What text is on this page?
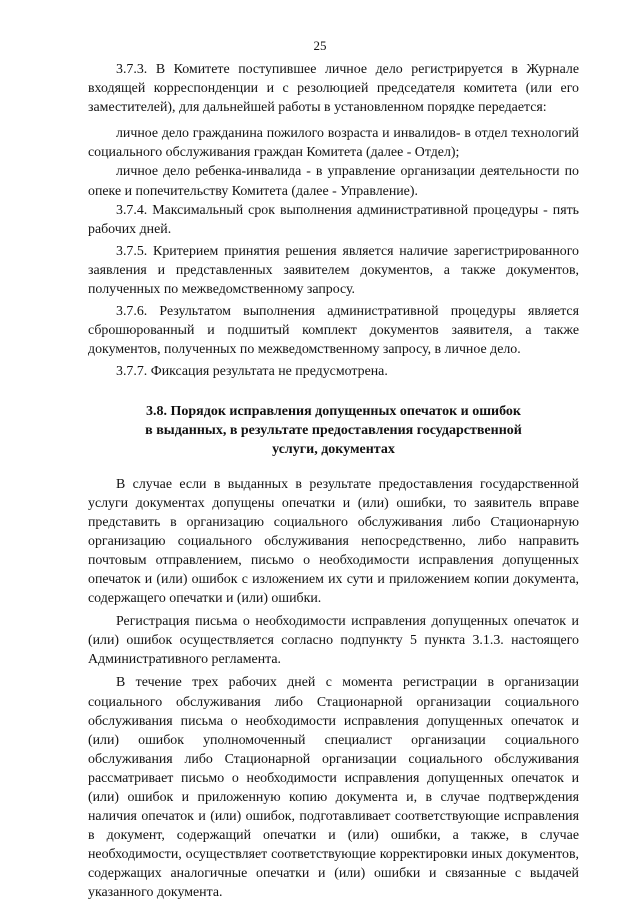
25

3.7.3. В Комитете поступившее личное дело регистрируется в Журнале входящей корреспонденции и с резолюцией председателя комитета (или его заместителей), для дальнейшей работы в установленном порядке передается:

личное дело гражданина пожилого возраста и инвалидов- в отдел технологий социального обслуживания граждан Комитета (далее - Отдел);

личное дело ребенка-инвалида - в управление организации деятельности по опеке и попечительству Комитета (далее - Управление).

3.7.4. Максимальный срок выполнения административной процедуры - пять рабочих дней.

3.7.5. Критерием принятия решения является наличие зарегистрированного заявления и представленных заявителем документов, а также документов, полученных по межведомственному запросу.

3.7.6. Результатом выполнения административной процедуры является сброшюрованный и подшитый комплект документов заявителя, а также документов, полученных по межведомственному запросу, в личное дело.

3.7.7. Фиксация результата не предусмотрена.

3.8. Порядок исправления допущенных опечаток и ошибок

в выданных, в результате предоставления государственной

услуги, документах

В случае если в выданных в результате предоставления государственной услуги документах допущены опечатки и (или) ошибки, то заявитель вправе представить в организацию социального обслуживания либо Стационарную организацию социального обслуживания непосредственно, либо направить почтовым отправлением, письмо о необходимости исправления допущенных опечаток и (или) ошибок с изложением их сути и приложением копии документа, содержащего опечатки и (или) ошибки.

Регистрация письма о необходимости исправления допущенных опечаток и (или) ошибок осуществляется согласно подпункту 5 пункта 3.1.3. настоящего Административного регламента.

В течение трех рабочих дней с момента регистрации в организации социального обслуживания либо Стационарной организации социального обслуживания письма о необходимости исправления допущенных опечаток и (или) ошибок уполномоченный специалист организации социального обслуживания либо Стационарной организации социального обслуживания рассматривает письмо о необходимости исправления допущенных опечаток и (или) ошибок и приложенную копию документа и, в случае подтверждения наличия опечаток и (или) ошибок, подготавливает соответствующие исправления в документ, содержащий опечатки и (или) ошибки, а также, в случае необходимости, осуществляет соответствующие корректировки иных документов, содержащих аналогичные опечатки и (или) ошибки и связанные с выдачей указанного документа.
